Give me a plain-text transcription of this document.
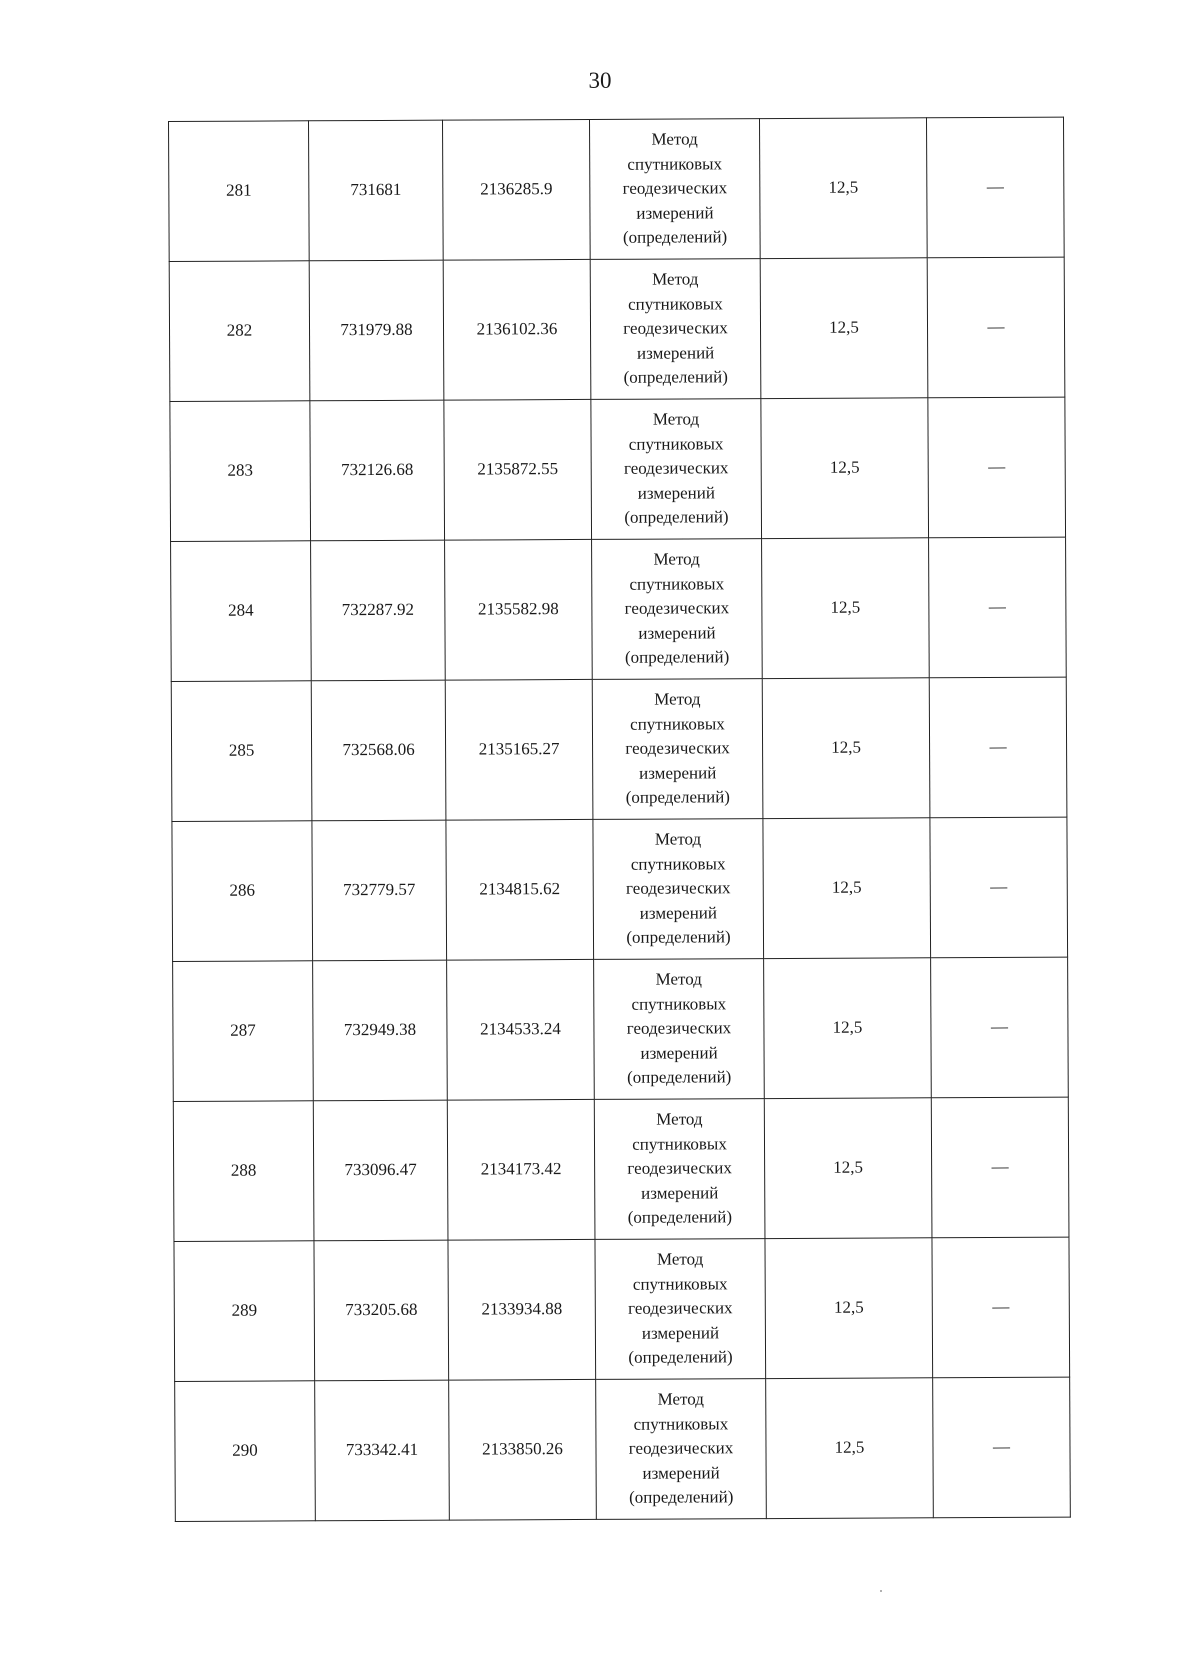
30
281	731681	2136285.9	Метод
спутниковых
геодезических
измерений
(определений)	12,5	—
282	731979.88	2136102.36	Метод
спутниковых
геодезических
измерений
(определений)	12,5	—
283	732126.68	2135872.55	Метод
спутниковых
геодезических
измерений
(определений)	12,5	—
284	732287.92	2135582.98	Метод
спутниковых
геодезических
измерений
(определений)	12,5	—
285	732568.06	2135165.27	Метод
спутниковых
геодезических
измерений
(определений)	12,5	—
286	732779.57	2134815.62	Метод
спутниковых
геодезических
измерений
(определений)	12,5	—
287	732949.38	2134533.24	Метод
спутниковых
геодезических
измерений
(определений)	12,5	—
288	733096.47	2134173.42	Метод
спутниковых
геодезических
измерений
(определений)	12,5	—
289	733205.68	2133934.88	Метод
спутниковых
геодезических
измерений
(определений)	12,5	—
290	733342.41	2133850.26	Метод
спутниковых
геодезических
измерений
(определений)	12,5	—
